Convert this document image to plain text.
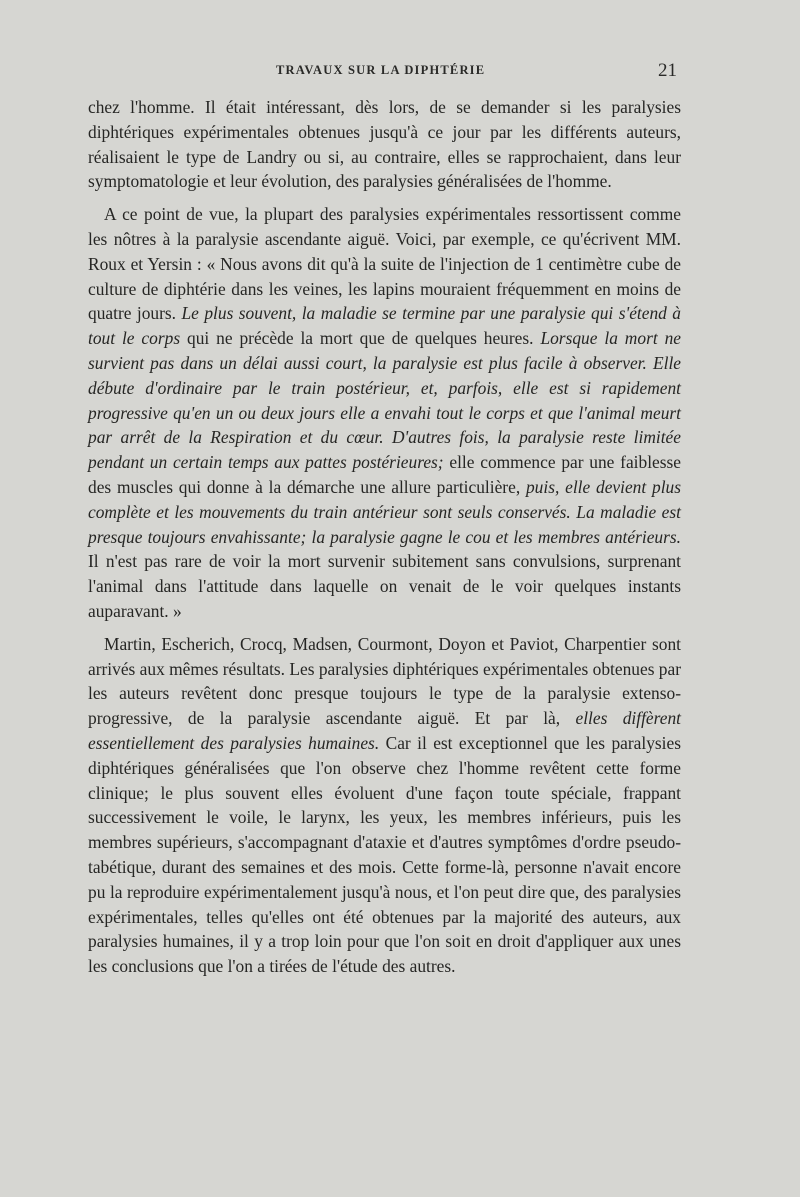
TRAVAUX SUR LA DIPHTÉRIE	21

chez l'homme. Il était intéressant, dès lors, de se demander si les paralysies diphtériques expérimentales obtenues jusqu'à ce jour par les différents auteurs, réalisaient le type de Landry ou si, au contraire, elles se rapprochaient, dans leur symptomatologie et leur évolution, des paralysies généralisées de l'homme.

A ce point de vue, la plupart des paralysies expérimentales ressortissent comme les nôtres à la paralysie ascendante aiguë. Voici, par exemple, ce qu'écrivent MM. Roux et Yersin : « Nous avons dit qu'à la suite de l'injection de 1 centimètre cube de culture de diphtérie dans les veines, les lapins mouraient fréquemment en moins de quatre jours. Le plus souvent, la maladie se termine par une paralysie qui s'étend à tout le corps qui ne précède la mort que de quelques heures. Lorsque la mort ne survient pas dans un délai aussi court, la paralysie est plus facile à observer. Elle débute d'ordinaire par le train postérieur, et, parfois, elle est si rapidement progressive qu'en un ou deux jours elle a envahi tout le corps et que l'animal meurt par arrêt de la Respiration et du cœur. D'autres fois, la paralysie reste limitée pendant un certain temps aux pattes postérieures; elle commence par une faiblesse des muscles qui donne à la démarche une allure particulière, puis, elle devient plus complète et les mouvements du train antérieur sont seuls conservés. La maladie est presque toujours envahissante; la paralysie gagne le cou et les membres antérieurs. Il n'est pas rare de voir la mort survenir subitement sans convulsions, surprenant l'animal dans l'attitude dans laquelle on venait de le voir quelques instants auparavant. »

Martin, Escherich, Crocq, Madsen, Courmont, Doyon et Paviot, Charpentier sont arrivés aux mêmes résultats. Les paralysies diphtériques expérimentales obtenues par les auteurs revêtent donc presque toujours le type de la paralysie extenso-progressive, de la paralysie ascendante aiguë. Et par là, elles diffèrent essentiellement des paralysies humaines. Car il est exceptionnel que les paralysies diphtériques généralisées que l'on observe chez l'homme revêtent cette forme clinique; le plus souvent elles évoluent d'une façon toute spéciale, frappant successivement le voile, le larynx, les yeux, les membres inférieurs, puis les membres supérieurs, s'accompagnant d'ataxie et d'autres symptômes d'ordre pseudo-tabétique, durant des semaines et des mois. Cette forme-là, personne n'avait encore pu la reproduire expérimentalement jusqu'à nous, et l'on peut dire que, des paralysies expérimentales, telles qu'elles ont été obtenues par la majorité des auteurs, aux paralysies humaines, il y a trop loin pour que l'on soit en droit d'appliquer aux unes les conclusions que l'on a tirées de l'étude des autres.
